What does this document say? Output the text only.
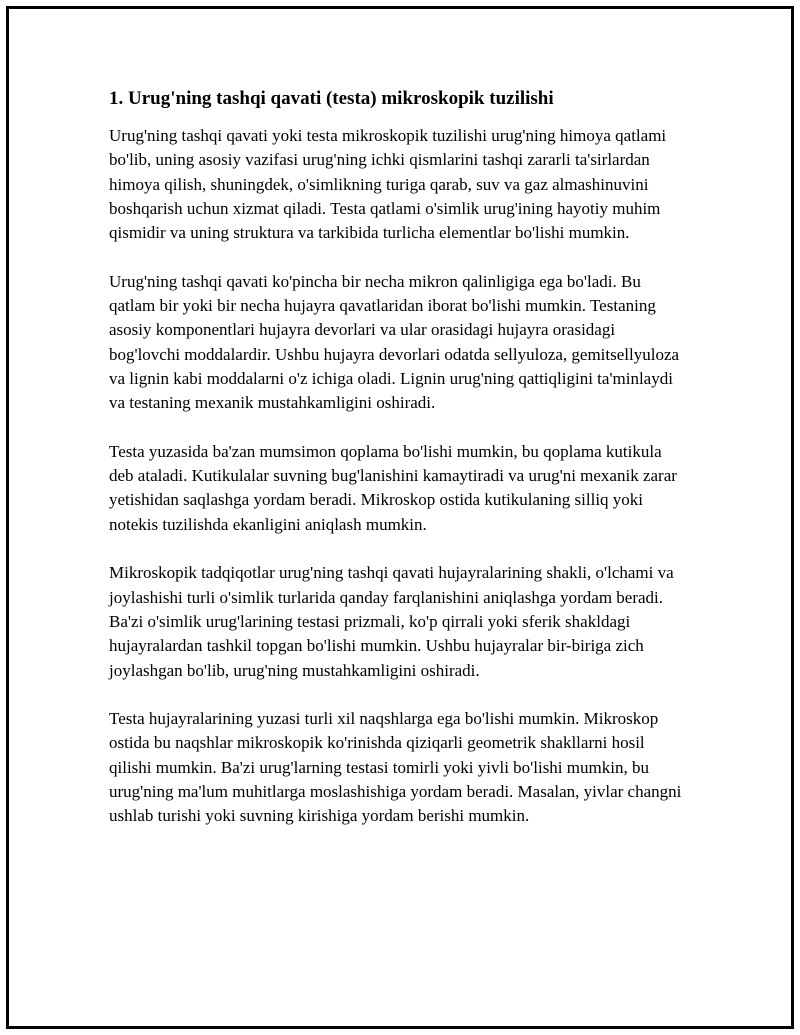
1. Urug'ning tashqi qavati (testa) mikroskopik tuzilishi

Urug'ning tashqi qavati yoki testa mikroskopik tuzilishi urug'ning himoya qatlami bo'lib, uning asosiy vazifasi urug'ning ichki qismlarini tashqi zararli ta'sirlardan himoya qilish, shuningdek, o'simlikning turiga qarab, suv va gaz almashinuvini boshqarish uchun xizmat qiladi. Testa qatlami o'simlik urug'ining hayotiy muhim qismidir va uning struktura va tarkibida turlicha elementlar bo'lishi mumkin.

Urug'ning tashqi qavati ko'pincha bir necha mikron qalinligiga ega bo'ladi. Bu qatlam bir yoki bir necha hujayra qavatlaridan iborat bo'lishi mumkin. Testaning asosiy komponentlari hujayra devorlari va ular orasidagi hujayra orasidagi bog'lovchi moddalardir. Ushbu hujayra devorlari odatda sellyuloza, gemitsellyuloza va lignin kabi moddalarni o'z ichiga oladi. Lignin urug'ning qattiqligini ta'minlaydi va testaning mexanik mustahkamligini oshiradi.

Testa yuzasida ba'zan mumsimon qoplama bo'lishi mumkin, bu qoplama kutikula deb ataladi. Kutikulalar suvning bug'lanishini kamaytiradi va urug'ni mexanik zarar yetishidan saqlashga yordam beradi. Mikroskop ostida kutikulaning silliq yoki notekis tuzilishda ekanligini aniqlash mumkin.

Mikroskopik tadqiqotlar urug'ning tashqi qavati hujayralarining shakli, o'lchami va joylashishi turli o'simlik turlarida qanday farqlanishini aniqlashga yordam beradi. Ba'zi o'simlik urug'larining testasi prizmali, ko'p qirrali yoki sferik shakldagi hujayralardan tashkil topgan bo'lishi mumkin. Ushbu hujayralar bir-biriga zich joylashgan bo'lib, urug'ning mustahkamligini oshiradi.

Testa hujayralarining yuzasi turli xil naqshlarga ega bo'lishi mumkin. Mikroskop ostida bu naqshlar mikroskopik ko'rinishda qiziqarli geometrik shakllarni hosil qilishi mumkin. Ba'zi urug'larning testasi tomirli yoki yivli bo'lishi mumkin, bu urug'ning ma'lum muhitlarga moslashishiga yordam beradi. Masalan, yivlar changni ushlab turishi yoki suvning kirishiga yordam berishi mumkin.
